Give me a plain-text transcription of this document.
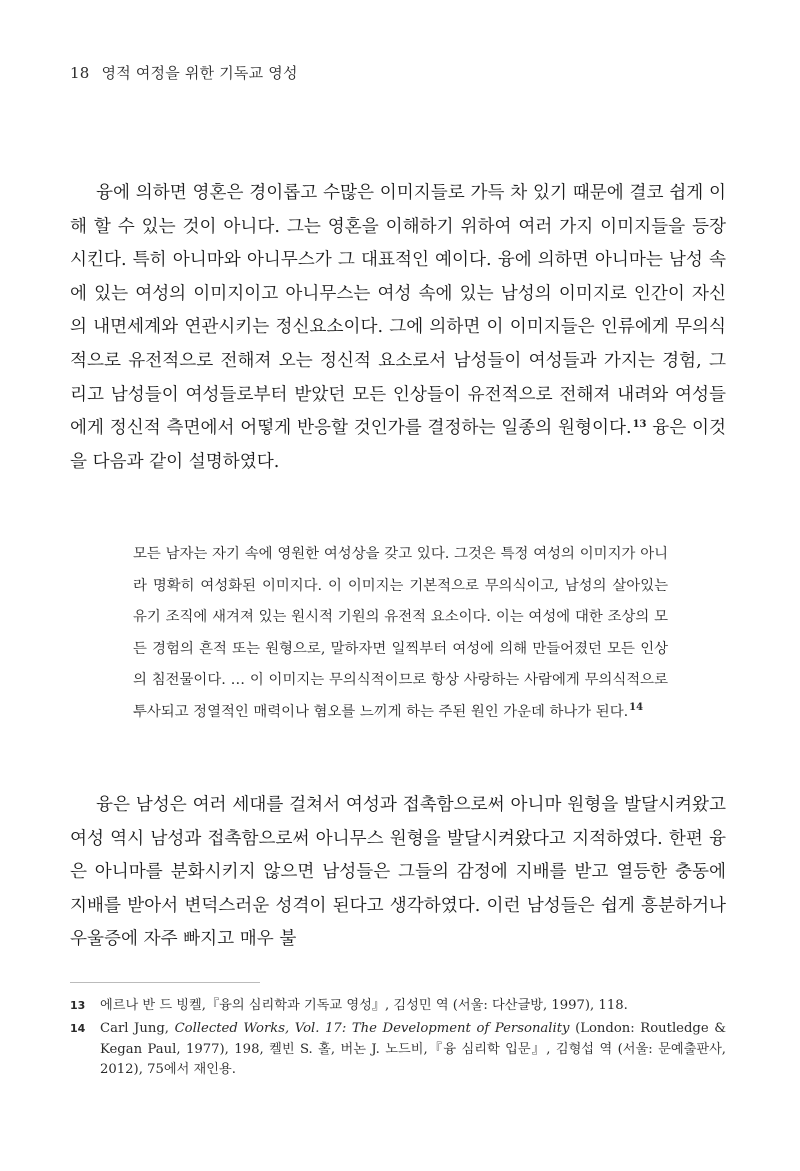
18 영적 여정을 위한 기독교 영성
융에 의하면 영혼은 경이롭고 수많은 이미지들로 가득 차 있기 때문에 결코 쉽게 이해 할 수 있는 것이 아니다. 그는 영혼을 이해하기 위하여 여러 가지 이미지들을 등장시킨다. 특히 아니마와 아니무스가 그 대표적인 예이다. 융에 의하면 아니마는 남성 속에 있는 여성의 이미지이고 아니무스는 여성 속에 있는 남성의 이미지로 인간이 자신의 내면세계와 연관시키는 정신요소이다. 그에 의하면 이 이미지들은 인류에게 무의식적으로 유전적으로 전해져 오는 정신적 요소로서 남성들이 여성들과 가지는 경험, 그리고 남성들이 여성들로부터 받았던 모든 인상들이 유전적으로 전해져 내려와 여성들에게 정신적 측면에서 어떻게 반응할 것인가를 결정하는 일종의 원형이다.$^{13}$ 융은 이것을 다음과 같이 설명하였다.
모든 남자는 자기 속에 영원한 여성상을 갖고 있다. 그것은 특정 여성의 이미지가 아니라 명확히 여성화된 이미지다. 이 이미지는 기본적으로 무의식이고, 남성의 살아있는 유기 조직에 새겨져 있는 원시적 기원의 유전적 요소이다. 이는 여성에 대한 조상의 모든 경험의 흔적 또는 원형으로, 말하자면 일찍부터 여성에 의해 만들어졌던 모든 인상의 침전물이다. … 이 이미지는 무의식적이므로 항상 사랑하는 사람에게 무의식적으로 투사되고 정열적인 매력이나 혐오를 느끼게 하는 주된 원인 가운데 하나가 된다.$^{14}$
융은 남성은 여러 세대를 걸쳐서 여성과 접촉함으로써 아니마 원형을 발달시켜왔고 여성 역시 남성과 접촉함으로써 아니무스 원형을 발달시켜왔다고 지적하였다. 한편 융은 아니마를 분화시키지 않으면 남성들은 그들의 감정에 지배를 받고 열등한 충동에 지배를 받아서 변덕스러운 성격이 된다고 생각하였다. 이런 남성들은 쉽게 흥분하거나 우울증에 자주 빠지고 매우 불
13 에르나 반 드 빙켈,『융의 심리학과 기독교 영성』, 김성민 역 (서울: 다산글방, 1997), 118.
14 Carl Jung, Collected Works, Vol. 17: The Development of Personality (London: Routledge & Kegan Paul, 1977), 198, 켈빈 S. 홀, 버논 J. 노드비,『융 심리학 입문』, 김형섭 역 (서울: 문예출판사, 2012), 75에서 재인용.
